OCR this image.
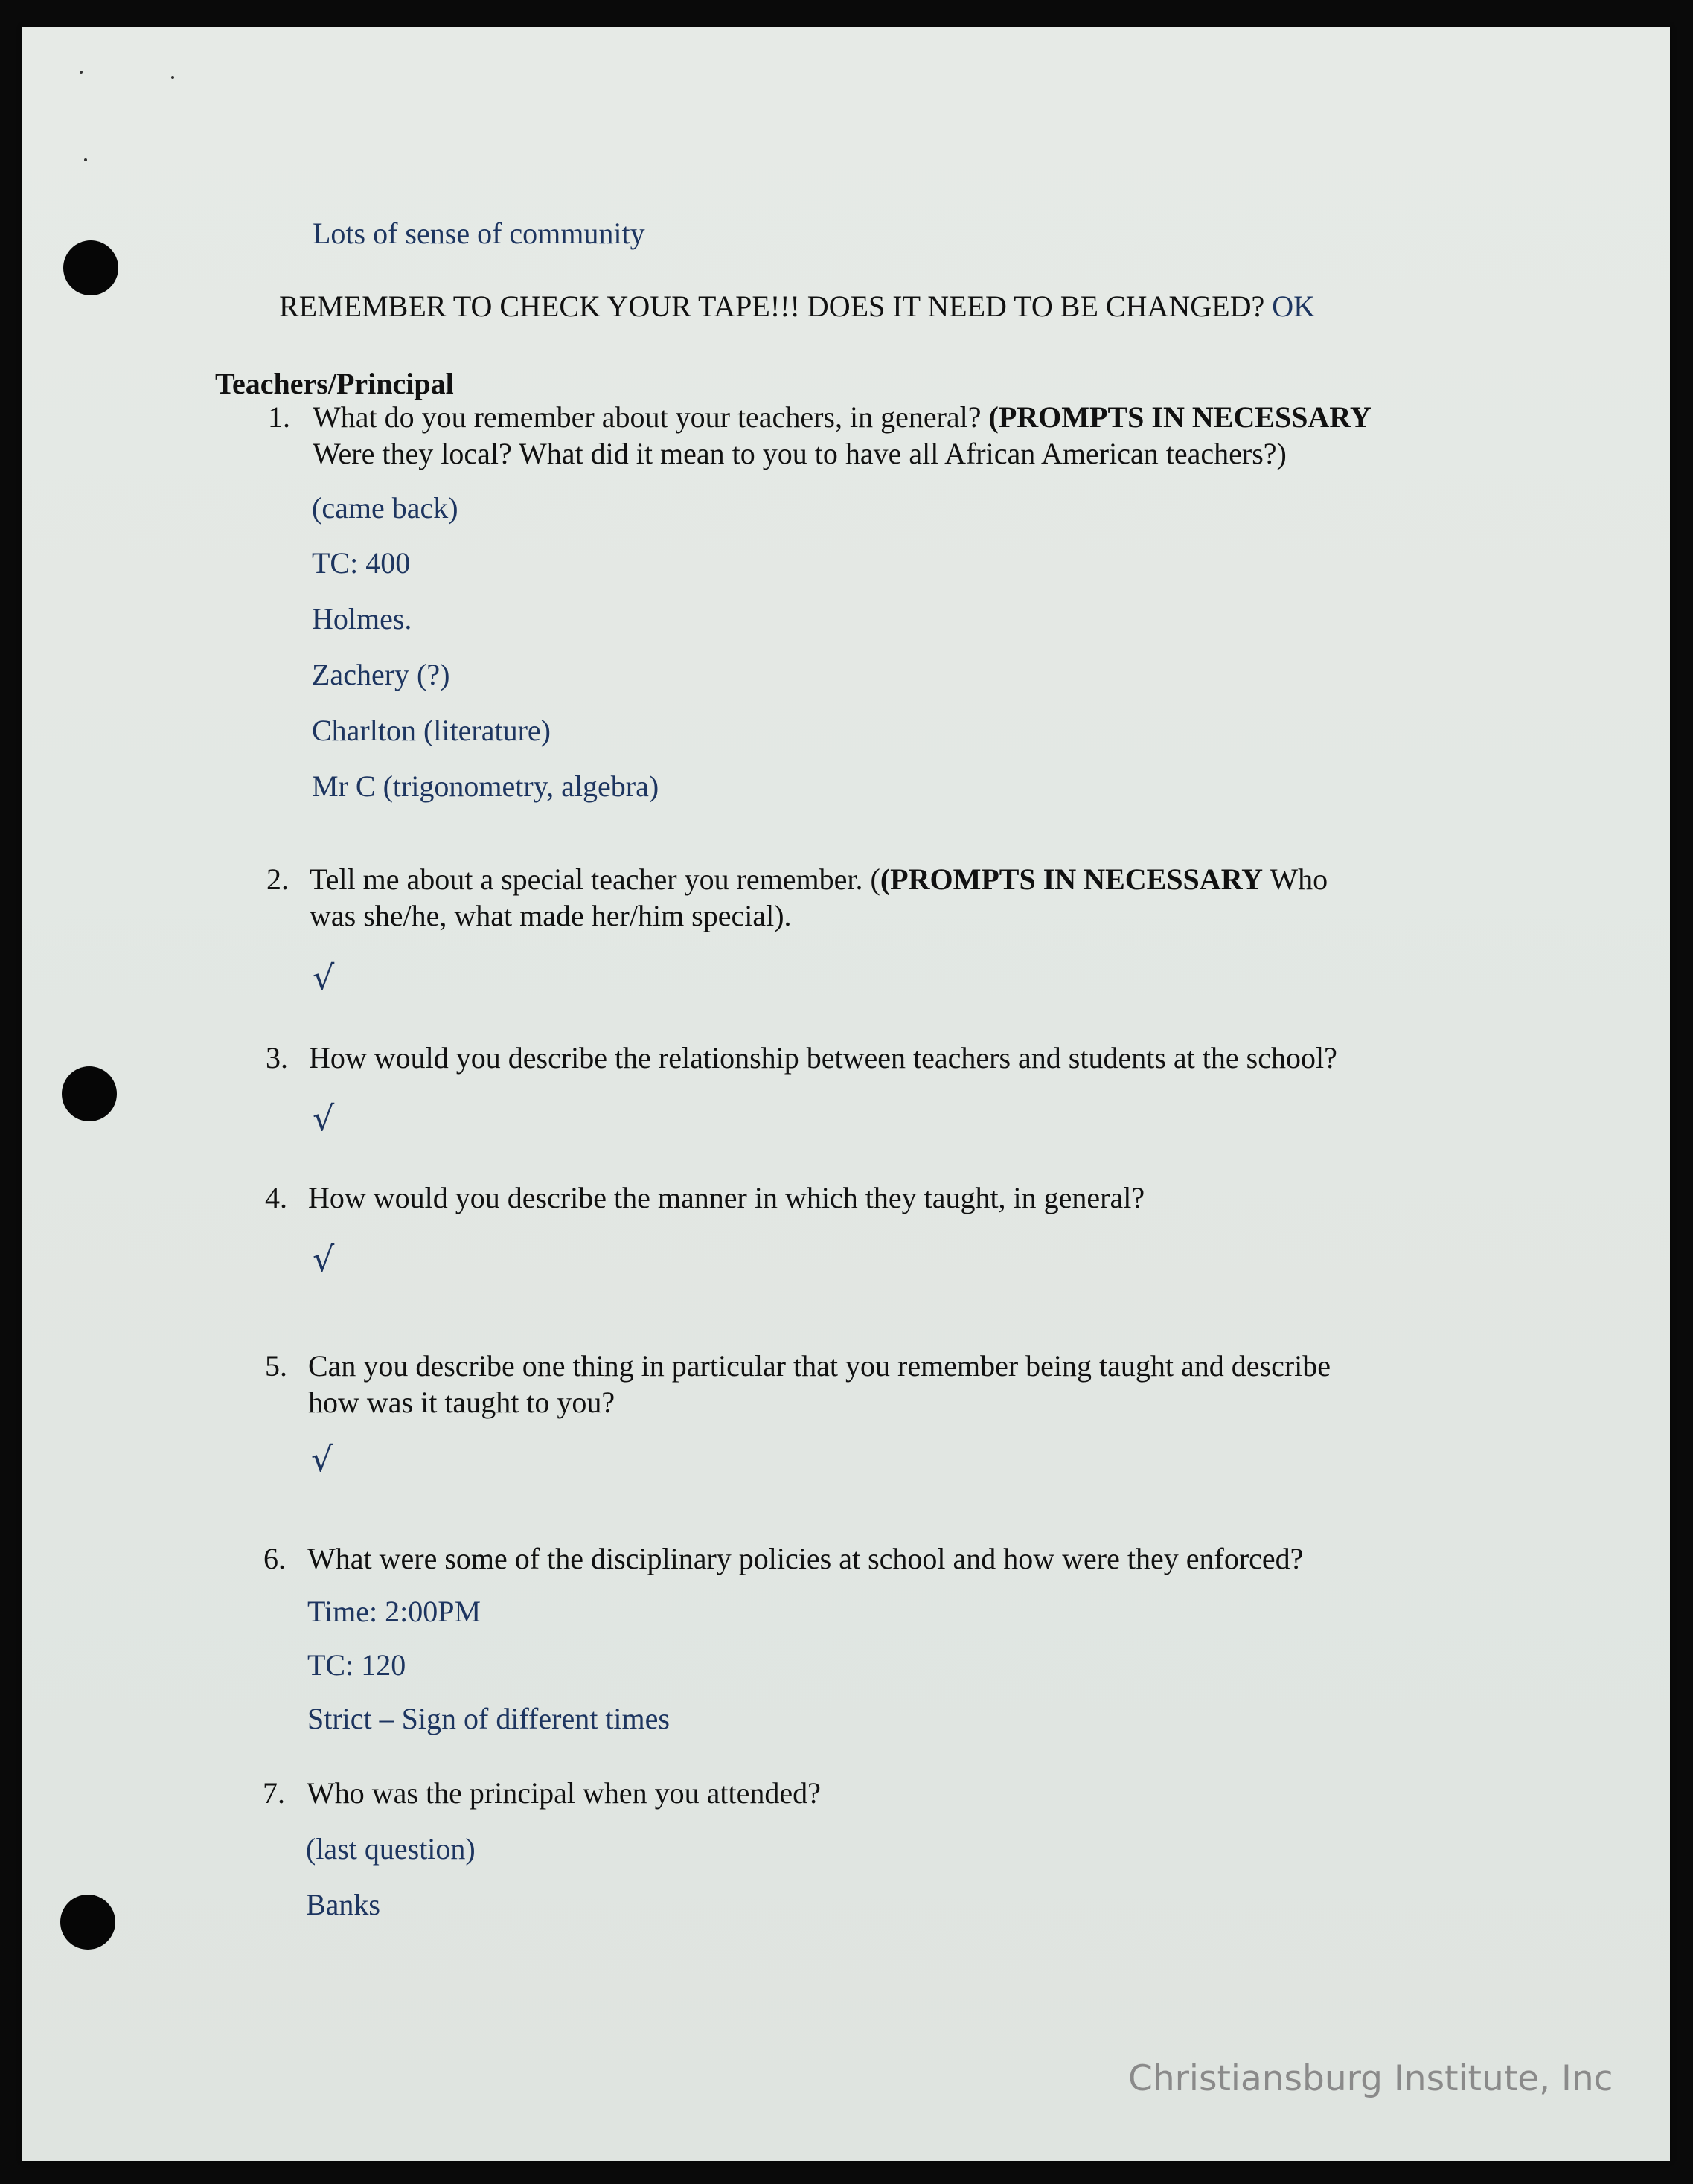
Lots of sense of community
REMEMBER TO CHECK YOUR TAPE!!! DOES IT NEED TO BE CHANGED? OK
Teachers/Principal
1. What do you remember about your teachers, in general? (PROMPTS IN NECESSARY
Were they local? What did it mean to you to have all African American teachers?)
(came back)
TC: 400
Holmes.
Zachery (?)
Charlton (literature)
Mr C (trigonometry, algebra)
2. Tell me about a special teacher you remember. ((PROMPTS IN NECESSARY Who
was she/he, what made her/him special).
√
3. How would you describe the relationship between teachers and students at the school?
√
4. How would you describe the manner in which they taught, in general?
√
5. Can you describe one thing in particular that you remember being taught and describe
how was it taught to you?
√
6. What were some of the disciplinary policies at school and how were they enforced?
Time: 2:00PM
TC: 120
Strict – Sign of different times
7. Who was the principal when you attended?
(last question)
Banks
Christiansburg Institute, Inc
